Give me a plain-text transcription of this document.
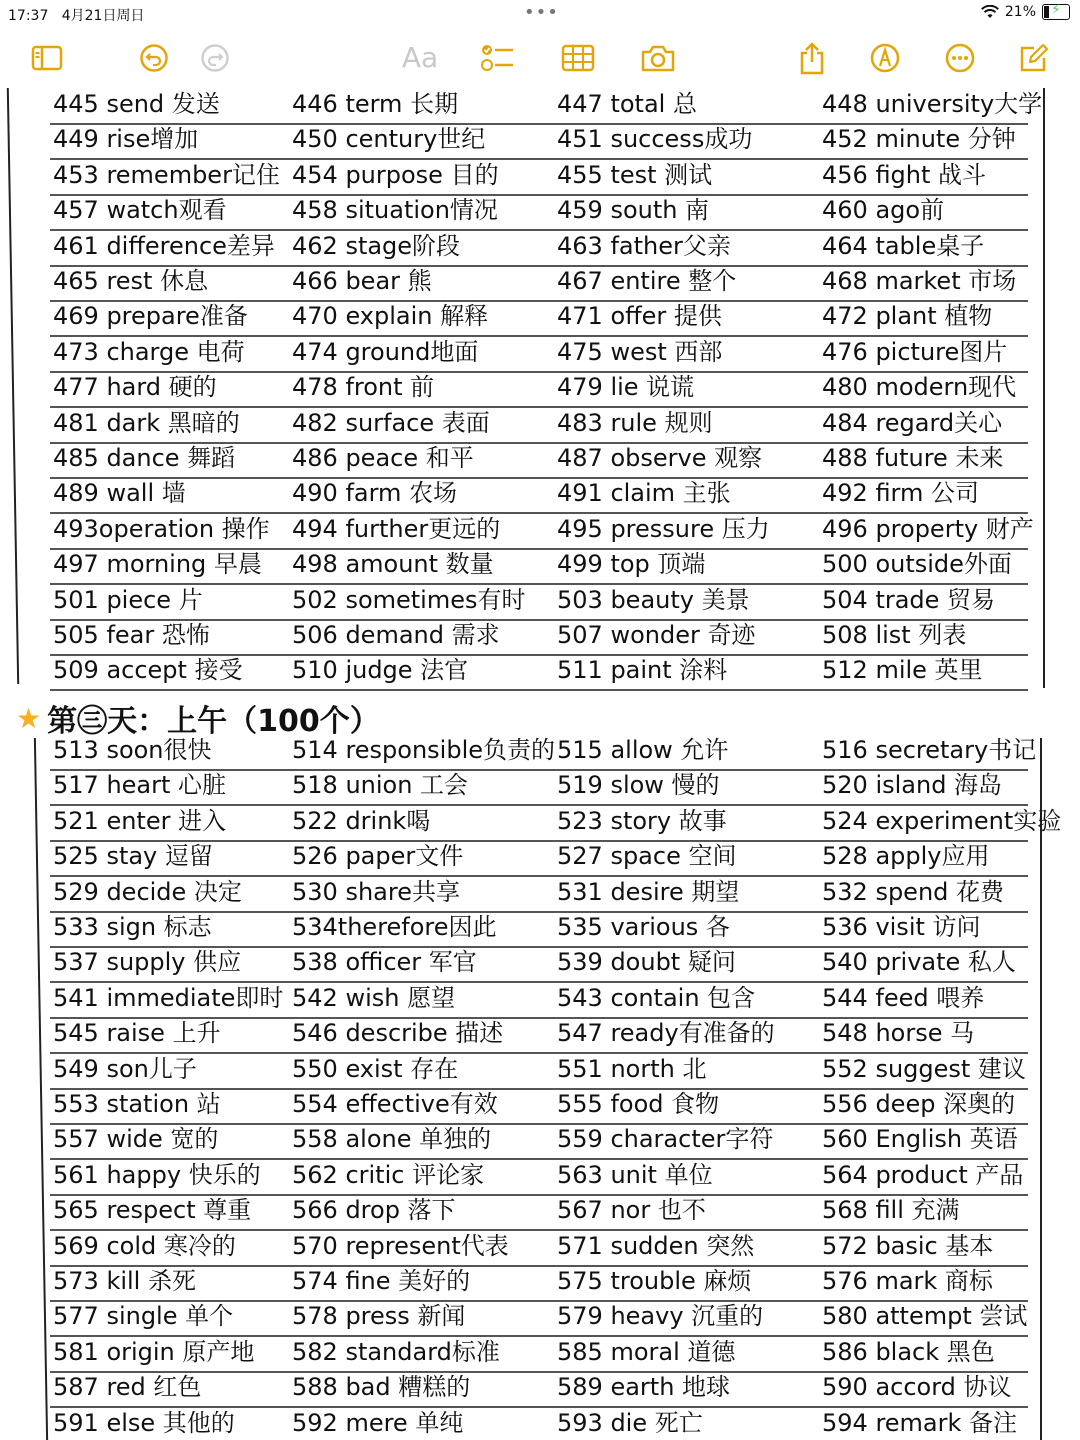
17:37 4月21日周日	•••	21% ⚡
Aa
445 send 发送	446 term 长期	447 total 总	448 university大学
449 rise增加	450 century世纪	451 success成功	452 minute 分钟
453 remember记住 454 purpose 目的 455 test 测试	456 fight 战斗
457 watch观看	458 situation情况 459 south 南	460 ago前
461 difference差异 462 stage阶段	463 father父亲	464 table桌子
465 rest 休息	466 bear 熊	467 entire 整个	468 market 市场
469 prepare准备 470 explain 解释	471 offer 提供	472 plant 植物
473 charge 电荷 474 ground地面	475 west 西部	476 picture图片
477 hard 硬的	478 front 前	479 lie 说谎	480 modern现代
481 dark 黑暗的 482 surface 表面	483 rule 规则	484 regard关心
485 dance 舞蹈 486 peace 和平	487 observe 观察 488 future 未来
489 wall 墙	490 farm 农场	491 claim 主张	492 firm 公司
493operation 操作 494 further更远的 495 pressure 压力 496 property 财产
497 morning 早晨 498 amount 数量	499 top 顶端	500 outside外面
501 piece 片	502 sometimes有时 503 beauty 美景	504 trade 贸易
505 fear 恐怖	506 demand 需求 507 wonder 奇迹	508 list 列表
509 accept 接受 510 judge 法官	511 paint 涂料	512 mile 英里
★ 第㊂天：上午（100个）
513 soon很快	514 responsible负责的 515 allow 允许	516 secretary书记
517 heart 心脏	518 union 工会	519 slow 慢的	520 island 海岛
521 enter 进入	522 drink喝	523 story 故事	524 experiment实验
525 stay 逗留	526 paper文件	527 space 空间	528 apply应用
529 decide 决定 530 share共享	531 desire 期望	532 spend 花费
533 sign 标志	534therefore因此	535 various 各	536 visit 访问
537 supply 供应 538 officer 军官	539 doubt 疑问	540 private 私人
541 immediate即时 542 wish 愿望	543 contain 包含	544 feed 喂养
545 raise 上升	546 describe 描述 547 ready有准备的 548 horse 马
549 son儿子	550 exist 存在	551 north 北	552 suggest 建议
553 station 站	554 effective有效 555 food 食物	556 deep 深奥的
557 wide 宽的	558 alone 单独的	559 character字符 560 English 英语
561 happy 快乐的 562 critic 评论家	563 unit 单位	564 product 产品
565 respect 尊重 566 drop 落下	567 nor 也不	568 fill 充满
569 cold 寒冷的 570 represent代表 571 sudden 突然	572 basic 基本
573 kill 杀死	574 fine 美好的	575 trouble 麻烦	576 mark 商标
577 single 单个 578 press 新闻	579 heavy 沉重的 580 attempt 尝试
581 origin 原产地 582 standard标准 585 moral 道德	586 black 黑色
587 red 红色	588 bad 糟糕的	589 earth 地球	590 accord 协议
591 else 其他的 592 mere 单纯	593 die 死亡	594 remark 备注
